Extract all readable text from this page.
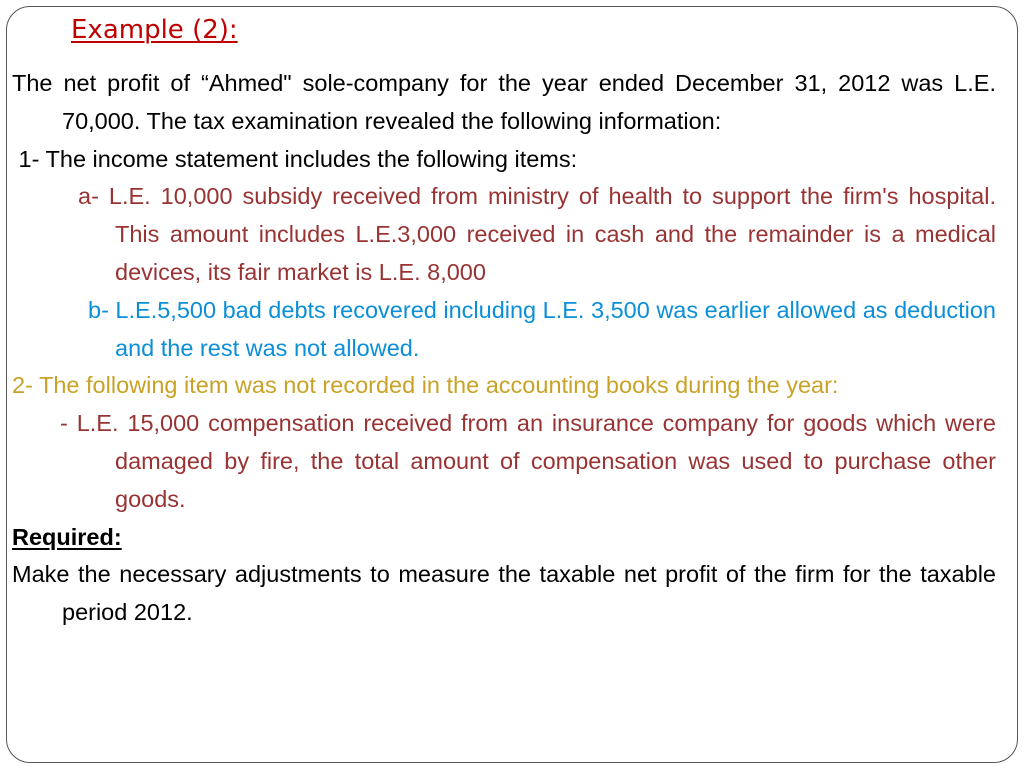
Example (2):

The net profit of “Ahmed" sole-company for the year ended December 31, 2012 was L.E. 70,000. The tax examination revealed the following information:

1- The income statement includes the following items:

a- L.E. 10,000 subsidy received from ministry of health to support the firm's hospital. This amount includes L.E.3,000 received in cash and the remainder is a medical devices, its fair market is L.E. 8,000

b- L.E.5,500 bad debts recovered including L.E. 3,500 was earlier allowed as deduction and the rest was not allowed.

2- The following item was not recorded in the accounting books during the year:

- L.E. 15,000 compensation received from an insurance company for goods which were damaged by fire, the total amount of compensation was used to purchase other goods.

Required:

Make the necessary adjustments to measure the taxable net profit of the firm for the taxable period 2012.
